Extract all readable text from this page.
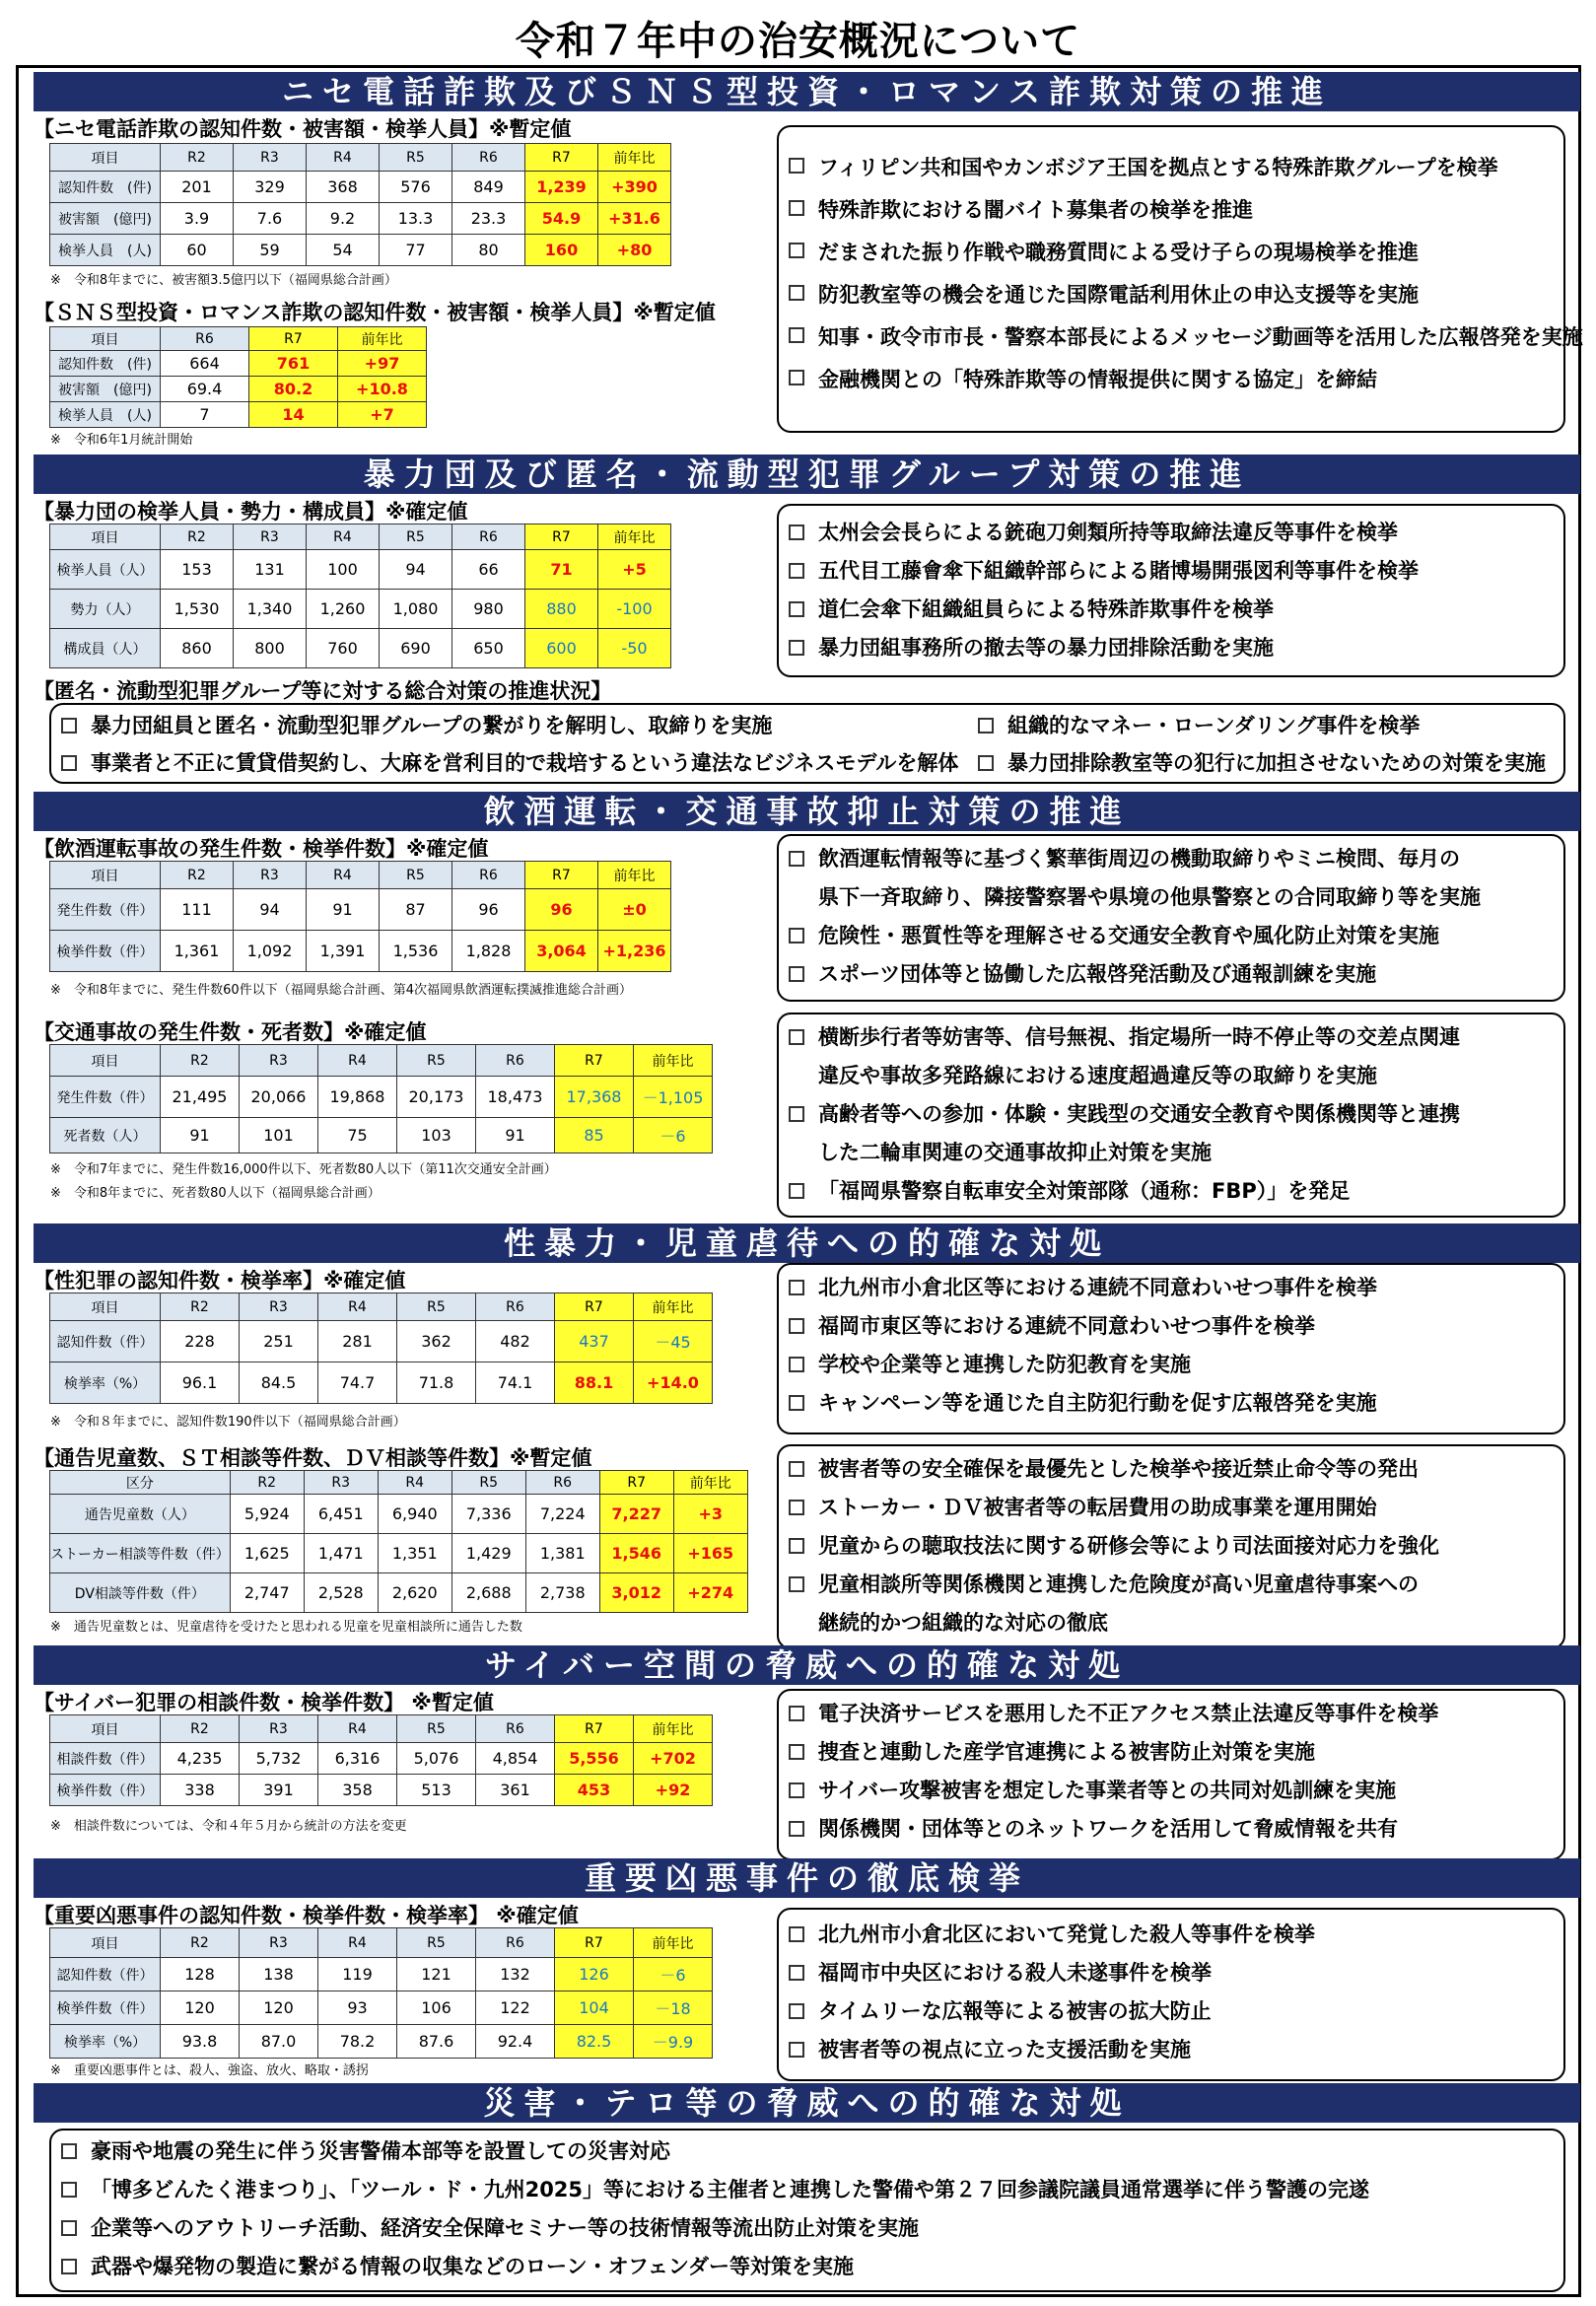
令和７年中の治安概況について
ニセ電話詐欺及びＳＮＳ型投資・ロマンス詐欺対策の推進
【ニセ電話詐欺の認知件数・被害額・検挙人員】※暫定値
項目	R2	R3	R4	R5	R6	R7	前年比
認知件数　(件)	201	329	368	576	849	1,239	+390
被害額　(億円)	3.9	7.6	9.2	13.3	23.3	54.9	+31.6
検挙人員　(人)	60	59	54	77	80	160	+80
※　令和8年までに、被害額3.5億円以下（福岡県総合計画）
【ＳＮＳ型投資・ロマンス詐欺の認知件数・被害額・検挙人員】※暫定値
項目	R6	R7	前年比
認知件数　(件)	664	761	+97
被害額　(億円)	69.4	80.2	+10.8
検挙人員　(人)	7	14	+7
※　令和6年1月統計開始
フィリピン共和国やカンボジア王国を拠点とする特殊詐欺グループを検挙
特殊詐欺における闇バイト募集者の検挙を推進
だまされた振り作戦や職務質問による受け子らの現場検挙を推進
防犯教室等の機会を通じた国際電話利用休止の申込支援等を実施
知事・政令市市長・警察本部長によるメッセージ動画等を活用した広報啓発を実施
金融機関との「特殊詐欺等の情報提供に関する協定」を締結
暴力団及び匿名・流動型犯罪グループ対策の推進
【暴力団の検挙人員・勢力・構成員】※確定値
項目	R2	R3	R4	R5	R6	R7	前年比
検挙人員（人）	153	131	100	94	66	71	+5
勢力（人）	1,530	1,340	1,260	1,080	980	880	-100
構成員（人）	860	800	760	690	650	600	-50
太州会会長らによる銃砲刀剣類所持等取締法違反等事件を検挙
五代目工藤會傘下組織幹部らによる賭博場開張図利等事件を検挙
道仁会傘下組織組員らによる特殊詐欺事件を検挙
暴力団組事務所の撤去等の暴力団排除活動を実施
【匿名・流動型犯罪グループ等に対する総合対策の推進状況】
暴力団組員と匿名・流動型犯罪グループの繋がりを解明し、取締りを実施
事業者と不正に賃貸借契約し、大麻を営利目的で栽培するという違法なビジネスモデルを解体
組織的なマネー・ローンダリング事件を検挙
暴力団排除教室等の犯行に加担させないための対策を実施
飲酒運転・交通事故抑止対策の推進
【飲酒運転事故の発生件数・検挙件数】※確定値
項目	R2	R3	R4	R5	R6	R7	前年比
発生件数（件）	111	94	91	87	96	96	±0
検挙件数（件）	1,361	1,092	1,391	1,536	1,828	3,064	+1,236
※　令和8年までに、発生件数60件以下（福岡県総合計画、第4次福岡県飲酒運転撲滅推進総合計画）
飲酒運転情報等に基づく繁華街周辺の機動取締りやミニ検問、毎月の
県下一斉取締り、隣接警察署や県境の他県警察との合同取締り等を実施
危険性・悪質性等を理解させる交通安全教育や風化防止対策を実施
スポーツ団体等と協働した広報啓発活動及び通報訓練を実施
【交通事故の発生件数・死者数】※確定値
項目	R2	R3	R4	R5	R6	R7	前年比
発生件数（件）	21,495	20,066	19,868	20,173	18,473	17,368	－1,105
死者数（人）	91	101	75	103	91	85	－6
※　令和7年までに、発生件数16,000件以下、死者数80人以下（第11次交通安全計画）
※　令和8年までに、死者数80人以下（福岡県総合計画）
横断歩行者等妨害等、信号無視、指定場所一時不停止等の交差点関連
違反や事故多発路線における速度超過違反等の取締りを実施
高齢者等への参加・体験・実践型の交通安全教育や関係機関等と連携
した二輪車関連の交通事故抑止対策を実施
「福岡県警察自転車安全対策部隊（通称：FBP）」を発足
性暴力・児童虐待への的確な対処
【性犯罪の認知件数・検挙率】※確定値
項目	R2	R3	R4	R5	R6	R7	前年比
認知件数（件）	228	251	281	362	482	437	－45
検挙率（%）	96.1	84.5	74.7	71.8	74.1	88.1	+14.0
※　令和８年までに、認知件数190件以下（福岡県総合計画）
北九州市小倉北区等における連続不同意わいせつ事件を検挙
福岡市東区等における連続不同意わいせつ事件を検挙
学校や企業等と連携した防犯教育を実施
キャンペーン等を通じた自主防犯行動を促す広報啓発を実施
【通告児童数、ＳＴ相談等件数、ＤＶ相談等件数】※暫定値
区分	R2	R3	R4	R5	R6	R7	前年比
通告児童数（人）	5,924	6,451	6,940	7,336	7,224	7,227	+3
ストーカー相談等件数（件）	1,625	1,471	1,351	1,429	1,381	1,546	+165
DV相談等件数（件）	2,747	2,528	2,620	2,688	2,738	3,012	+274
※　通告児童数とは、児童虐待を受けたと思われる児童を児童相談所に通告した数
被害者等の安全確保を最優先とした検挙や接近禁止命令等の発出
ストーカー・ＤＶ被害者等の転居費用の助成事業を運用開始
児童からの聴取技法に関する研修会等により司法面接対応力を強化
児童相談所等関係機関と連携した危険度が高い児童虐待事案への
継続的かつ組織的な対応の徹底
サイバー空間の脅威への的確な対処
【サイバー犯罪の相談件数・検挙件数】 ※暫定値
項目	R2	R3	R4	R5	R6	R7	前年比
相談件数（件）	4,235	5,732	6,316	5,076	4,854	5,556	+702
検挙件数（件）	338	391	358	513	361	453	+92
※　相談件数については、令和４年５月から統計の方法を変更
電子決済サービスを悪用した不正アクセス禁止法違反等事件を検挙
捜査と連動した産学官連携による被害防止対策を実施
サイバー攻撃被害を想定した事業者等との共同対処訓練を実施
関係機関・団体等とのネットワークを活用して脅威情報を共有
重要凶悪事件の徹底検挙
【重要凶悪事件の認知件数・検挙件数・検挙率】 ※確定値
項目	R2	R3	R4	R5	R6	R7	前年比
認知件数（件）	128	138	119	121	132	126	－6
検挙件数（件）	120	120	93	106	122	104	－18
検挙率（%）	93.8	87.0	78.2	87.6	92.4	82.5	－9.9
※　重要凶悪事件とは、殺人、強盗、放火、略取・誘拐
北九州市小倉北区において発覚した殺人等事件を検挙
福岡市中央区における殺人未遂事件を検挙
タイムリーな広報等による被害の拡大防止
被害者等の視点に立った支援活動を実施
災害・テロ等の脅威への的確な対処
豪雨や地震の発生に伴う災害警備本部等を設置しての災害対応
「博多どんたく港まつり」、「ツール・ド・九州2025」等における主催者と連携した警備や第２７回参議院議員通常選挙に伴う警護の完遂
企業等へのアウトリーチ活動、経済安全保障セミナー等の技術情報等流出防止対策を実施
武器や爆発物の製造に繋がる情報の収集などのローン・オフェンダー等対策を実施
